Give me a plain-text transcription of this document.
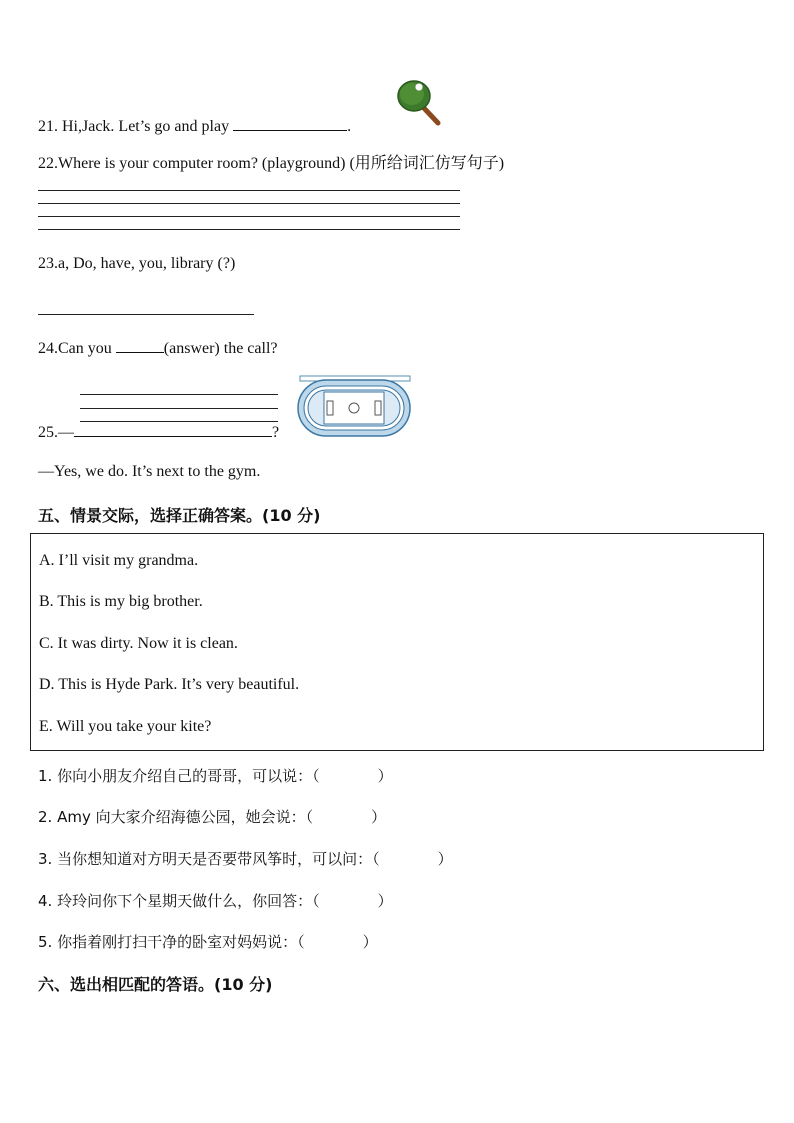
21. Hi,Jack. Let’s go and play	.
22.Where is your computer room? (playground) (用所给词汇仿写句子)
23.a, Do, have, you, library (?)
24.Can you	(answer) the call?
25.—	?
—Yes, we do. It’s next to the gym.
五、情景交际，选择正确答案。(10 分)
A. I’ll visit my grandma.
B. This is my big brother.
C. It was dirty. Now it is clean.
D. This is Hyde Park. It’s very beautiful.
E. Will you take your kite?
1. 你向小朋友介绍自己的哥哥，可以说：（	）
2. Amy 向大家介绍海德公园，她会说：（	）
3. 当你想知道对方明天是否要带风筝时，可以问：（	）
4. 玲玲问你下个星期天做什么，你回答：（	）
5. 你指着刚打扫干净的卧室对妈妈说：（	）
六、选出相匹配的答语。(10 分)
